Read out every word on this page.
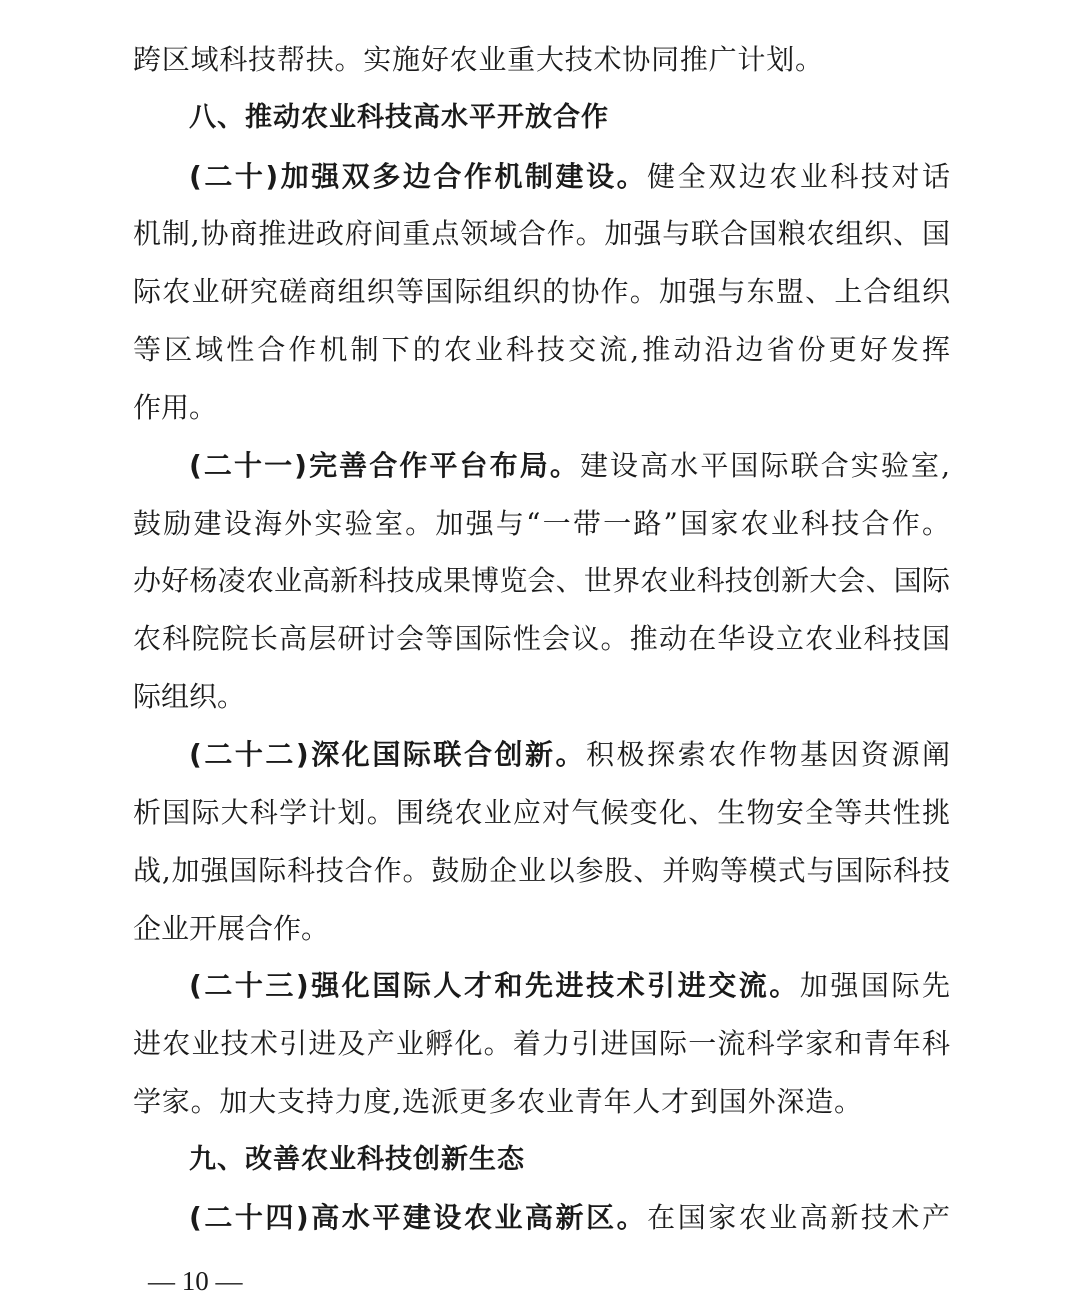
跨区域科技帮扶。实施好农业重大技术协同推广计划。
八、推动农业科技高水平开放合作
(二十)加强双多边合作机制建设。健全双边农业科技对话
机制,协商推进政府间重点领域合作。加强与联合国粮农组织、国
际农业研究磋商组织等国际组织的协作。加强与东盟、上合组织
等区域性合作机制下的农业科技交流,推动沿边省份更好发挥
作用。
(二十一)完善合作平台布局。建设高水平国际联合实验室,
鼓励建设海外实验室。加强与“一带一路”国家农业科技合作。
办好杨凌农业高新科技成果博览会、世界农业科技创新大会、国际
农科院院长高层研讨会等国际性会议。推动在华设立农业科技国
际组织。
(二十二)深化国际联合创新。积极探索农作物基因资源阐
析国际大科学计划。围绕农业应对气候变化、生物安全等共性挑
战,加强国际科技合作。鼓励企业以参股、并购等模式与国际科技
企业开展合作。
(二十三)强化国际人才和先进技术引进交流。加强国际先
进农业技术引进及产业孵化。着力引进国际一流科学家和青年科
学家。加大支持力度,选派更多农业青年人才到国外深造。
九、改善农业科技创新生态
(二十四)高水平建设农业高新区。在国家农业高新技术产
— 10 —
